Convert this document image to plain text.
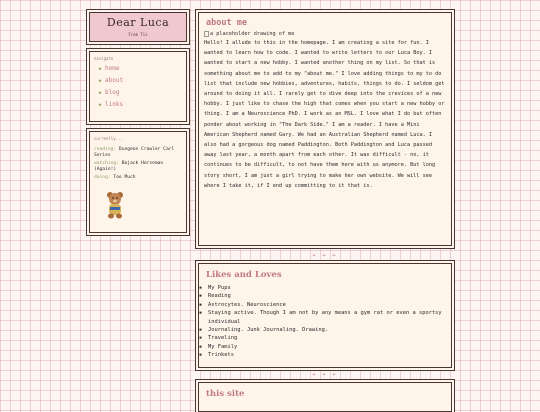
Dear Luca
From Tis
navigate
▶ home
▶ about
▶ blog
▶ links
currently...
reading: Dungeon Crawler Carl Series
watching: Bojack Horseman (Again!)
doing: Too Much
about me
a placeholder drawing of me

Hello! I allude to this in the homepage. I am creating a site for fun. I wanted to learn how to code. I wanted to write letters to our Luca Boy. I wanted to start a new hobby. I wanted another thing on my list. So that is something about me to add to my "about me." I love adding things to my to do list that include new hobbies, adventures, habits, things to do. I seldom get around to doing it all. I rarely get to dive deep into the crevices of a new hobby. I just like to chase the high that comes when you start a new hobby or thing. I am a Neuroscience PhD. I work as an MSL. I love what I do but often ponder about working in "The Dark Side." I am a reader. I have a Mini American Shepherd named Gary. We had an Australian Shepherd named Luca. I also had a gorgeous dog named Paddington. Both Paddington and Luca passed away last year, a month apart from each other. It was difficult - no, it continues to be difficult, to not have them here with us anymore. But long story short, I am just a girl trying to make her own website. We will see where I take it, if I end up committing to it that is.

+ + +
Likes and Loves
▪ My Pups
▪ Reading
▪ Astrocytes. Neuroscience
▪ Staying active. Though I am not by any means a gym rat or even a sportsy individual
▪ Journaling. Junk Journaling. Drawing.
▪ Traveling
▪ My Family
▪ Trinkets
+ + +
this site
